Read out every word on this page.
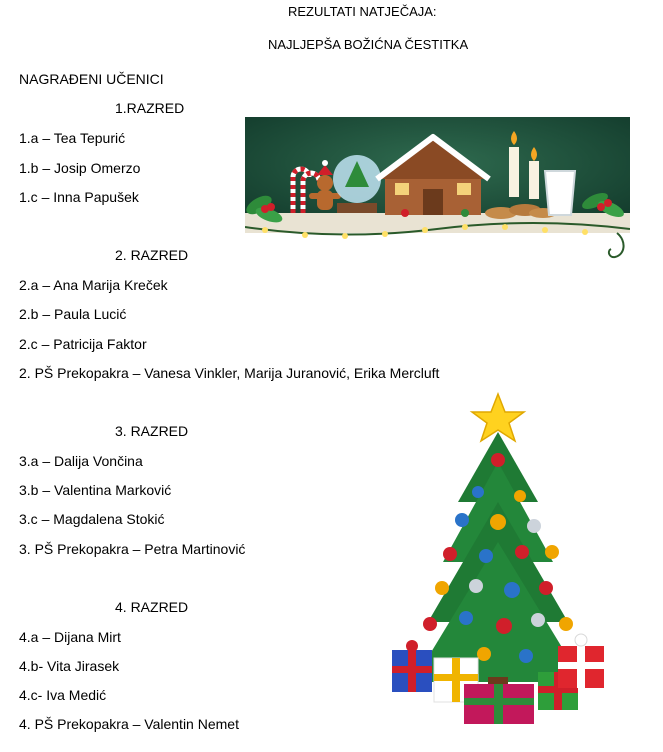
REZULTATI NATJEČAJA:
NAJLJEPŠA BOŽIĆNA ČESTITKA
NAGRAĐENI UČENICI
1.RAZRED
1.a – Tea Tepurić
1.b – Josip Omerzo
1.c – Inna Papušek
2. RAZRED
2.a – Ana Marija Kreček
2.b – Paula Lucić
2.c – Patricija Faktor
2. PŠ Prekopakra – Vanesa Vinkler, Marija Juranović, Erika Mercluft
3. RAZRED
3.a – Dalija Vončina
3.b – Valentina Marković
3.c – Magdalena Stokić
3. PŠ Prekopakra – Petra Martinović
4. RAZRED
4.a – Dijana Mirt
4.b- Vita Jirasek
4.c- Iva Medić
4. PŠ Prekopakra – Valentin Nemet
